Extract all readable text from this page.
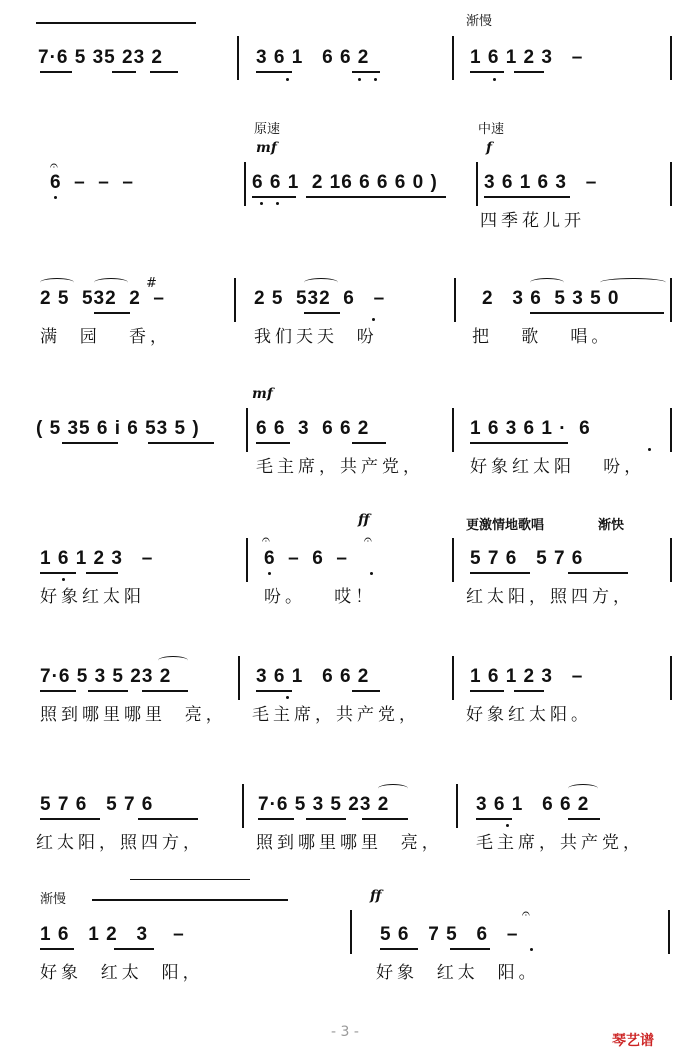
渐慢
7·6 5 35 23 2	3 6 1   6 6 2	1 6 1 2 3   –
原速	中速
mf	f
𝄐
6  –  –  –	6 6 1  2 16 6 6 6 0 ) 3 6 1 6 3   –
四季花儿开
#
2 5  532  2  –
满  园   香，
2 5  532  6   –
我们天天  吩
2   3 6  5 3 5 0
把   歌   唱。
mf
( 5 35 6 i 6 53 5 )	6 6  3  6 6 2
毛主席，共产党，
1 6 3 6 1 ·  6
好象红太阳   吩，
ff	更激情地歌唱	渐快
1 6 1 2 3   –
好象红太阳
𝄐	𝄐
6  –  6  –
吩。   哎！
5 7 6   5 7 6
红太阳，照四方，
7·6 5 3 5 23 2
照到哪里哪里  亮，
3 6 1   6 6 2
毛主席，共产党，
1 6 1 2 3   –
好象红太阳。
5 7 6   5 7 6
红太阳，照四方，
7·6 5 3 5 23 2
照到哪里哪里  亮，
3 6 1   6 6 2
毛主席，共产党，
渐慢	ff
1 6   1 2   3    –
好象  红太  阳，
𝄐
5 6   7 5   6   –
好象  红太  阳。
- 3 -
琴艺谱
